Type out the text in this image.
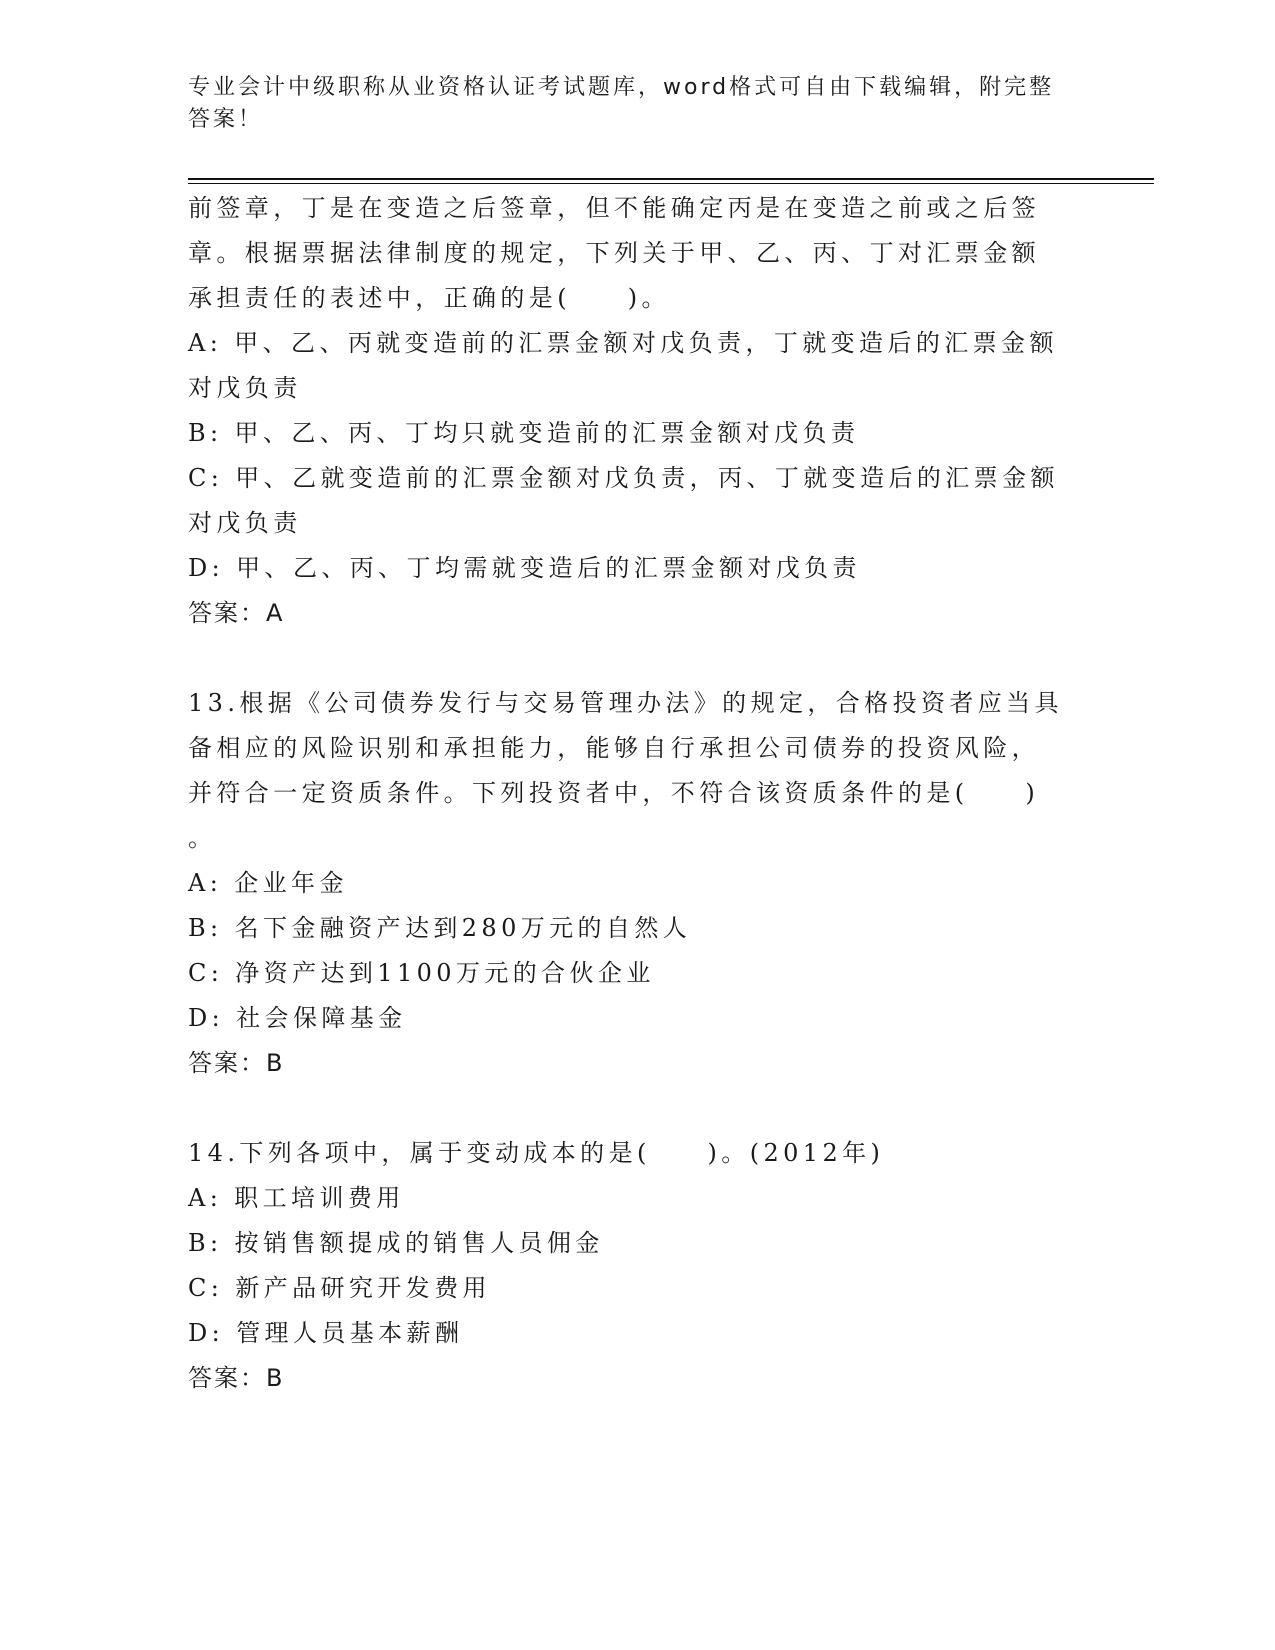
专业会计中级职称从业资格认证考试题库，word格式可自由下载编辑，附完整答案！
前签章，丁是在变造之后签章，但不能确定丙是在变造之前或之后签
章。根据票据法律制度的规定，下列关于甲、乙、丙、丁对汇票金额
承担责任的表述中，正确的是(　　)。
A: 甲、乙、丙就变造前的汇票金额对戊负责，丁就变造后的汇票金额
对戊负责
B: 甲、乙、丙、丁均只就变造前的汇票金额对戊负责
C: 甲、乙就变造前的汇票金额对戊负责，丙、丁就变造后的汇票金额
对戊负责
D: 甲、乙、丙、丁均需就变造后的汇票金额对戊负责
答案：A
13.根据《公司债券发行与交易管理办法》的规定，合格投资者应当具
备相应的风险识别和承担能力，能够自行承担公司债券的投资风险，
并符合一定资质条件。下列投资者中，不符合该资质条件的是(　　)
。
A: 企业年金
B: 名下金融资产达到280万元的自然人
C: 净资产达到1100万元的合伙企业
D: 社会保障基金
答案：B
14.下列各项中，属于变动成本的是(　　)。(2012年)
A: 职工培训费用
B: 按销售额提成的销售人员佣金
C: 新产品研究开发费用
D: 管理人员基本薪酬
答案：B
